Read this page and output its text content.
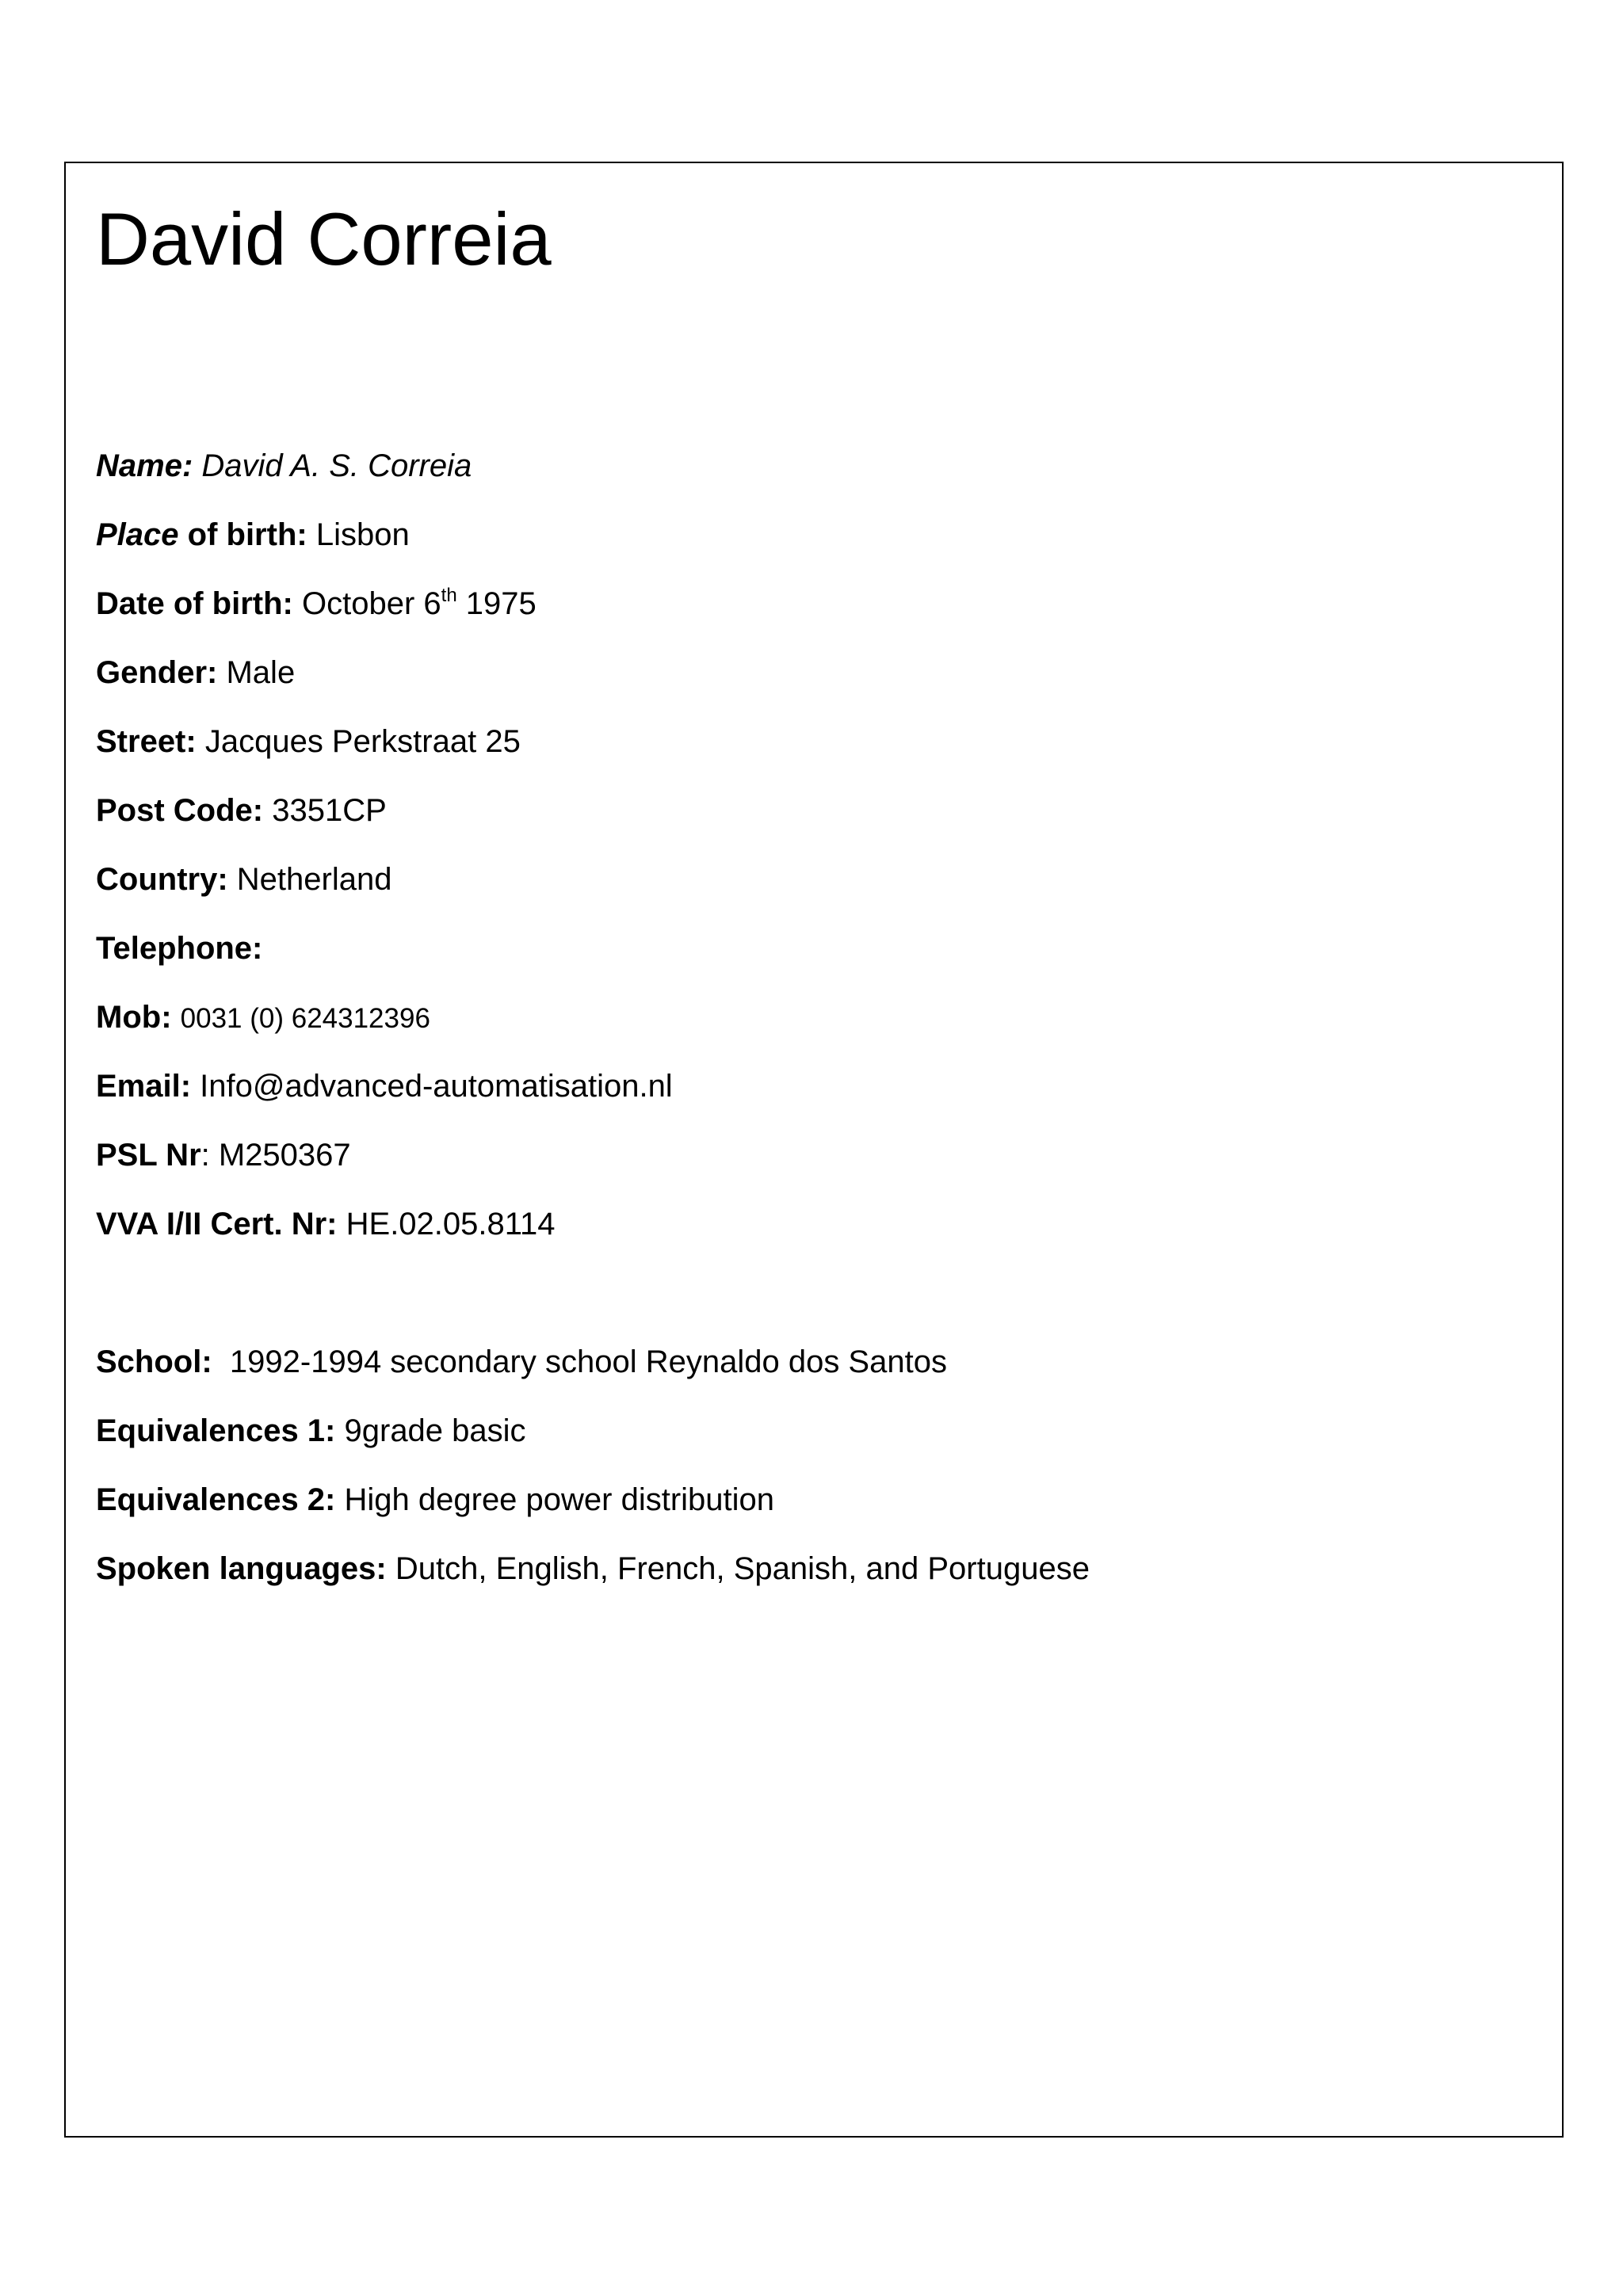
David Correia

Name: David A. S. Correia

Place of birth: Lisbon

Date of birth: October 6th 1975

Gender: Male

Street: Jacques Perkstraat 25

Post Code: 3351CP

Country: Netherland

Telephone:

Mob: 0031 (0) 624312396

Email: Info@advanced-automatisation.nl

PSL Nr: M250367

VVA I/II Cert. Nr: HE.02.05.8114

School: 1992-1994 secondary school Reynaldo dos Santos

Equivalences 1: 9grade basic

Equivalences 2: High degree power distribution

Spoken languages: Dutch, English, French, Spanish, and Portuguese
